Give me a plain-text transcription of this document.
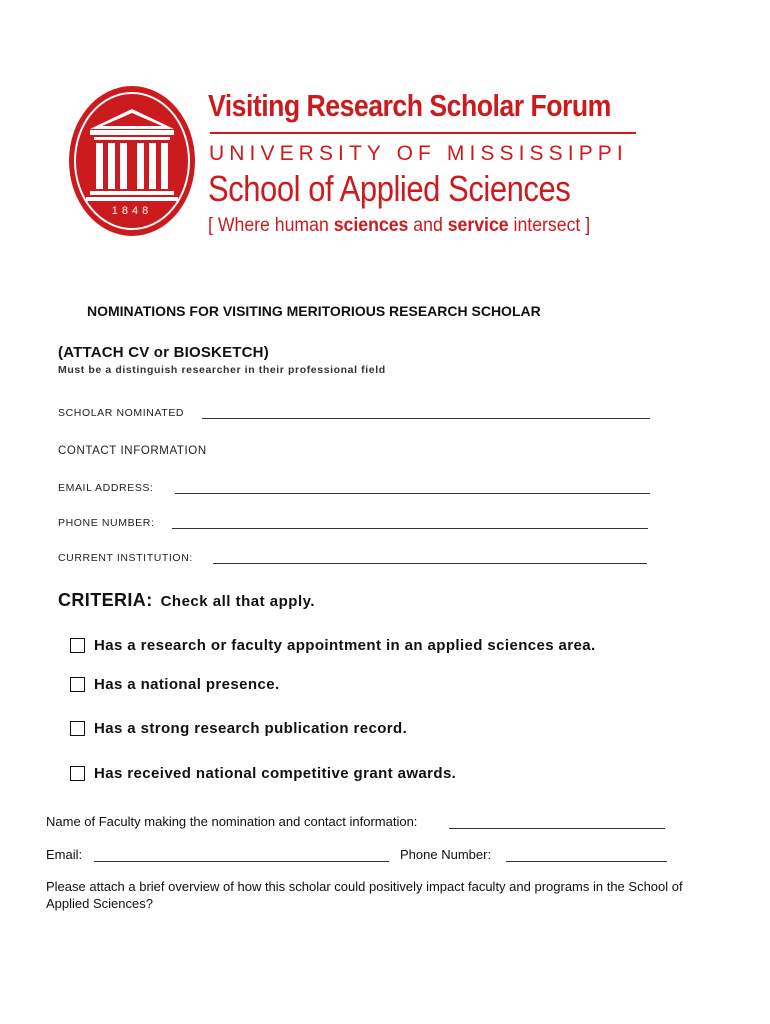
1848
Visiting Research Scholar Forum
UNIVERSITY OF MISSISSIPPI
School of Applied Sciences
[ Where human sciences and service intersect ]
NOMINATIONS FOR VISITING MERITORIOUS RESEARCH SCHOLAR
(ATTACH CV or BIOSKETCH)
Must be a distinguish researcher in their professional field
SCHOLAR NOMINATED
CONTACT INFORMATION
EMAIL ADDRESS:
PHONE NUMBER:
CURRENT INSTITUTION:
CRITERIA: Check all that apply.
Has a research or faculty appointment in an applied sciences area.
Has a national presence.
Has a strong research publication record.
Has received national competitive grant awards.
Name of Faculty making the nomination and contact information:
Email:	Phone Number:
Please attach a brief overview of how this scholar could positively impact faculty and programs in the School of Applied Sciences?
